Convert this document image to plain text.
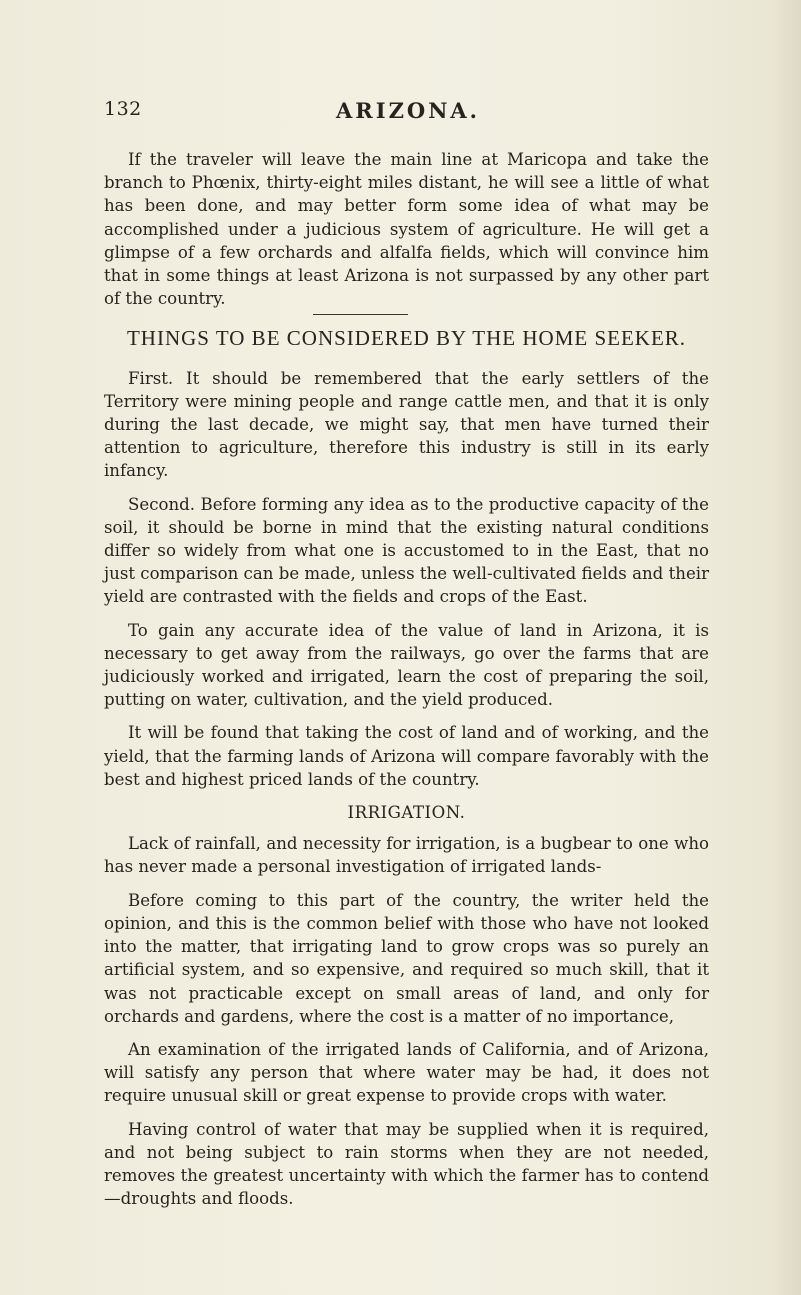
132	ARIZONA.

If the traveler will leave the main line at Maricopa and take the branch to Phœnix, thirty-eight miles distant, he will see a little of what has been done, and may better form some idea of what may be accomplished under a judicious system of agriculture. He will get a glimpse of a few orchards and alfalfa fields, which will convince him that in some things at least Arizona is not surpassed by any other part of the country.

THINGS TO BE CONSIDERED BY THE HOME SEEKER.

First. It should be remembered that the early settlers of the Territory were mining people and range cattle men, and that it is only during the last decade, we might say, that men have turned their attention to agriculture, therefore this industry is still in its early infancy.

Second. Before forming any idea as to the productive capacity of the soil, it should be borne in mind that the existing natural conditions differ so widely from what one is accustomed to in the East, that no just comparison can be made, unless the well-cultivated fields and their yield are contrasted with the fields and crops of the East.

To gain any accurate idea of the value of land in Arizona, it is necessary to get away from the railways, go over the farms that are judiciously worked and irrigated, learn the cost of preparing the soil, putting on water, cultivation, and the yield produced.

It will be found that taking the cost of land and of working, and the yield, that the farming lands of Arizona will compare favorably with the best and highest priced lands of the country.

IRRIGATION.

Lack of rainfall, and necessity for irrigation, is a bugbear to one who has never made a personal investigation of irrigated lands-

Before coming to this part of the country, the writer held the opinion, and this is the common belief with those who have not looked into the matter, that irrigating land to grow crops was so purely an artificial system, and so expensive, and required so much skill, that it was not practicable except on small areas of land, and only for orchards and gardens, where the cost is a matter of no importance,

An examination of the irrigated lands of California, and of Arizona, will satisfy any person that where water may be had, it does not require unusual skill or great expense to provide crops with water.

Having control of water that may be supplied when it is required, and not being subject to rain storms when they are not needed, removes the greatest uncertainty with which the farmer has to contend—droughts and floods.
